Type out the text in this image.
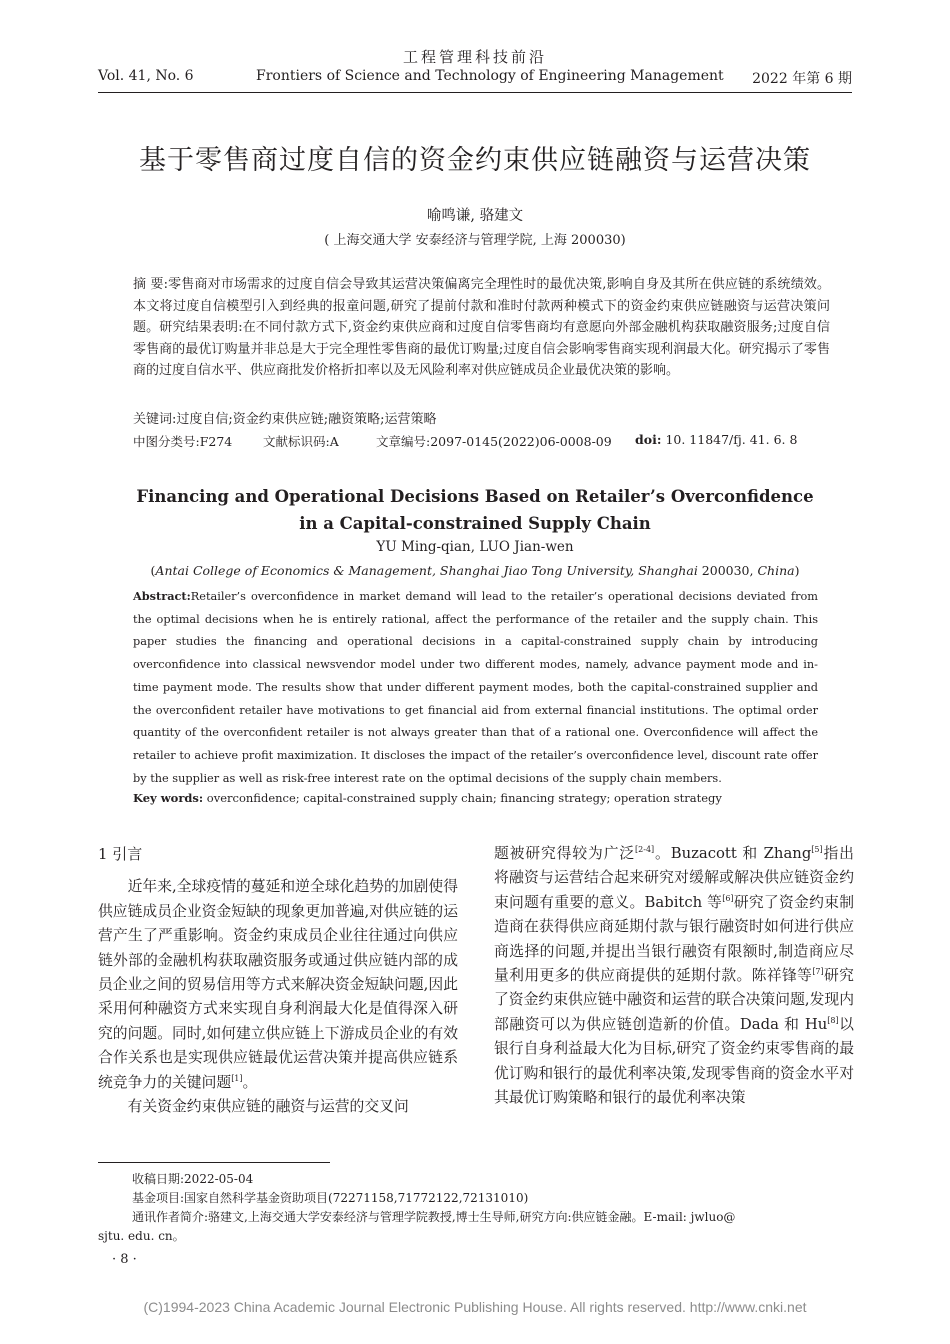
工程管理科技前沿
Vol. 41, No. 6	Frontiers of Science and Technology of Engineering Management 2022 年第 6 期
基于零售商过度自信的资金约束供应链融资与运营决策
喻鸣谦, 骆建文
( 上海交通大学 安泰经济与管理学院, 上海 200030)

摘 要:零售商对市场需求的过度自信会导致其运营决策偏离完全理性时的最优决策,影响自身及其所在供应链的系统绩效。本文将过度自信模型引入到经典的报童问题,研究了提前付款和准时付款两种模式下的资金约束供应链融资与运营决策问题。研究结果表明:在不同付款方式下,资金约束供应商和过度自信零售商均有意愿向外部金融机构获取融资服务;过度自信零售商的最优订购量并非总是大于完全理性零售商的最优订购量;过度自信会影响零售商实现利润最大化。研究揭示了零售商的过度自信水平、供应商批发价格折扣率以及无风险利率对供应链成员企业最优决策的影响。

关键词:过度自信;资金约束供应链;融资策略;运营策略
中图分类号:F274 文献标识码:A	文章编号:2097-0145(2022)06-0008-09 doi: 10. 11847/fj. 41. 6. 8
Financing and Operational Decisions Based on Retailer’s Overconfidence
in a Capital-constrained Supply Chain
YU Ming-qian, LUO Jian-wen
(Antai College of Economics & Management, Shanghai Jiao Tong University, Shanghai 200030, China)

Abstract:Retailer’s overconfidence in market demand will lead to the retailer’s operational decisions deviated from the optimal decisions when he is entirely rational, affect the performance of the retailer and the supply chain. This paper studies the financing and operational decisions in a capital-constrained supply chain by introducing overconfidence into classical newsvendor model under two different modes, namely, advance payment mode and in-time payment mode. The results show that under different payment modes, both the capital-constrained supplier and the overconfident retailer have motivations to get financial aid from external financial institutions. The optimal order quantity of the overconfident retailer is not always greater than that of a rational one. Overconfidence will affect the retailer to achieve profit maximization. It discloses the impact of the retailer’s overconfidence level, discount rate offer by the supplier as well as risk-free interest rate on the optimal decisions of the supply chain members.

Key words: overconfidence; capital-constrained supply chain; financing strategy; operation strategy

1 引言

近年来,全球疫情的蔓延和逆全球化趋势的加剧使得供应链成员企业资金短缺的现象更加普遍,对供应链的运营产生了严重影响。资金约束成员企业往往通过向供应链外部的金融机构获取融资服务或通过供应链内部的成员企业之间的贸易信用等方式来解决资金短缺问题,因此采用何种融资方式来实现自身利润最大化是值得深入研究的问题。同时,如何建立供应链上下游成员企业的有效合作关系也是实现供应链最优运营决策并提高供应链系统竞争力的关键问题[1]。

有关资金约束供应链的融资与运营的交叉问

题被研究得较为广泛[2-4]。Buzacott 和 Zhang[5]指出将融资与运营结合起来研究对缓解或解决供应链资金约束问题有重要的意义。Babitch 等[6]研究了资金约束制造商在获得供应商延期付款与银行融资时如何进行供应商选择的问题,并提出当银行融资有限额时,制造商应尽量利用更多的供应商提供的延期付款。陈祥锋等[7]研究了资金约束供应链中融资和运营的联合决策问题,发现内部融资可以为供应链创造新的价值。Dada 和 Hu[8]以银行自身利益最大化为目标,研究了资金约束零售商的最优订购和银行的最优利率决策,发现零售商的资金水平对其最优订购策略和银行的最优利率决策

收稿日期:2022-05-04

基金项目:国家自然科学基金资助项目(72271158,71772122,72131010)

通讯作者简介:骆建文,上海交通大学安泰经济与管理学院教授,博士生导师,研究方向:供应链金融。E-mail: jwluo@

sjtu. edu. cn。

· 8 ·
(C)1994-2023 China Academic Journal Electronic Publishing House. All rights reserved. http://www.cnki.net
